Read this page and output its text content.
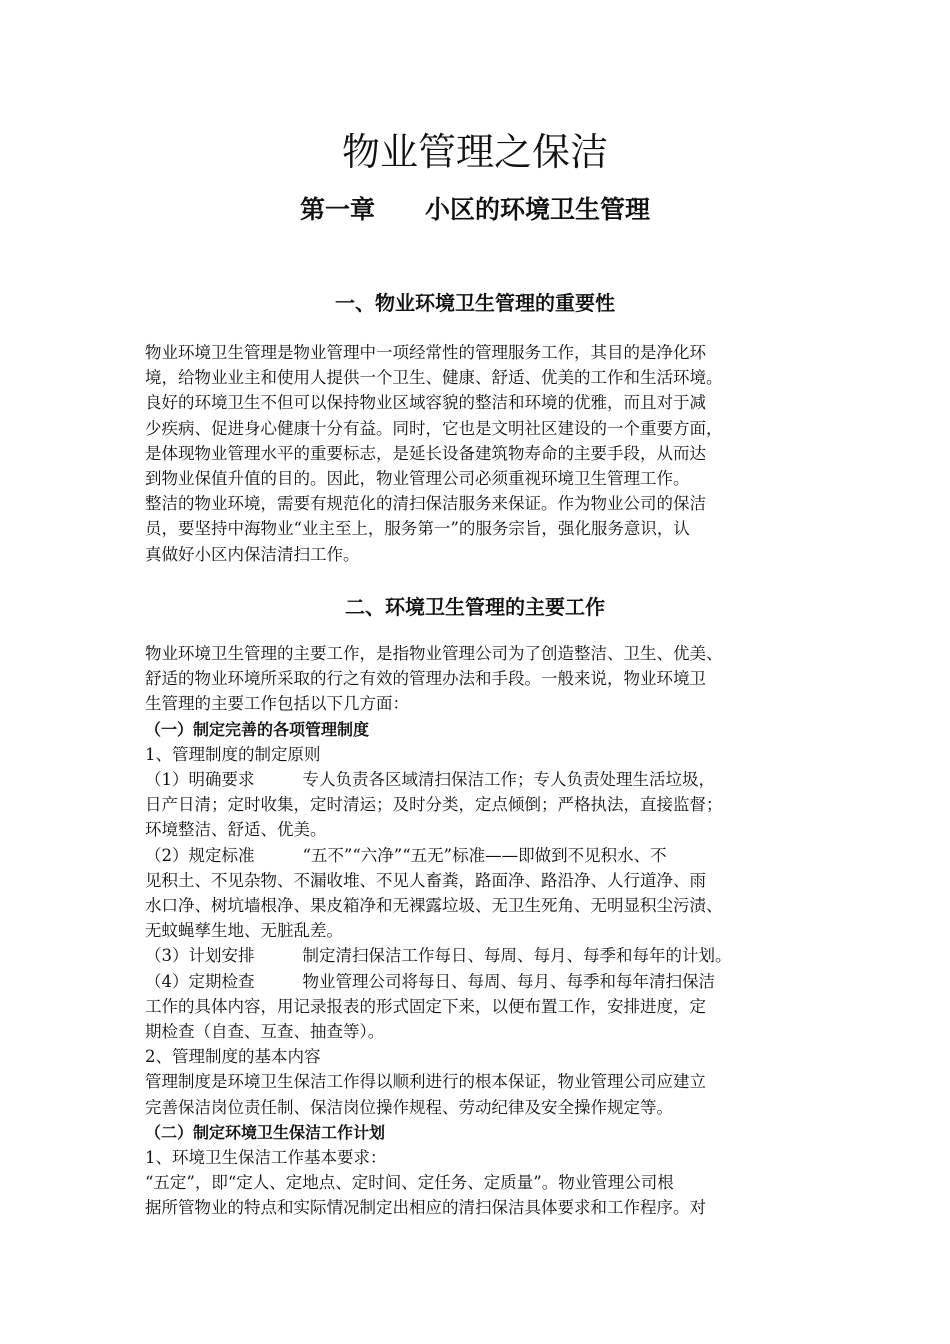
物业管理之保洁
第一章　　小区的环境卫生管理
一、物业环境卫生管理的重要性

物业环境卫生管理是物业管理中一项经常性的管理服务工作，其目的是净化环

境，给物业业主和使用人提供一个卫生、健康、舒适、优美的工作和生活环境。

良好的环境卫生不但可以保持物业区域容貌的整洁和环境的优雅，而且对于减

少疾病、促进身心健康十分有益。同时，它也是文明社区建设的一个重要方面，

是体现物业管理水平的重要标志，是延长设备建筑物寿命的主要手段，从而达

到物业保值升值的目的。因此，物业管理公司必须重视环境卫生管理工作。

整洁的物业环境，需要有规范化的清扫保洁服务来保证。作为物业公司的保洁

员，要坚持中海物业“业主至上，服务第一”的服务宗旨，强化服务意识，认

真做好小区内保洁清扫工作。

二、环境卫生管理的主要工作

物业环境卫生管理的主要工作，是指物业管理公司为了创造整洁、卫生、优美、

舒适的物业环境所采取的行之有效的管理办法和手段。一般来说，物业环境卫

生管理的主要工作包括以下几方面：

（一）制定完善的各项管理制度

1、管理制度的制定原则

（1）明确要求	专人负责各区域清扫保洁工作；专人负责处理生活垃圾，

日产日清；定时收集，定时清运；及时分类，定点倾倒；严格执法，直接监督；

环境整洁、舒适、优美。

（2）规定标准	“五不”“六净”“五无”标准——即做到不见积水、不

见积土、不见杂物、不漏收堆、不见人畜粪，路面净、路沿净、人行道净、雨

水口净、树坑墙根净、果皮箱净和无裸露垃圾、无卫生死角、无明显积尘污渍、

无蚊蝇孳生地、无脏乱差。

（3）计划安排	制定清扫保洁工作每日、每周、每月、每季和每年的计划。

（4）定期检查	物业管理公司将每日、每周、每月、每季和每年清扫保洁

工作的具体内容，用记录报表的形式固定下来，以便布置工作，安排进度，定

期检查（自查、互查、抽查等）。

2、管理制度的基本内容

管理制度是环境卫生保洁工作得以顺利进行的根本保证，物业管理公司应建立

完善保洁岗位责任制、保洁岗位操作规程、劳动纪律及安全操作规定等。

（二）制定环境卫生保洁工作计划

1、环境卫生保洁工作基本要求：

“五定”，即“定人、定地点、定时间、定任务、定质量”。物业管理公司根

据所管物业的特点和实际情况制定出相应的清扫保洁具体要求和工作程序。对
